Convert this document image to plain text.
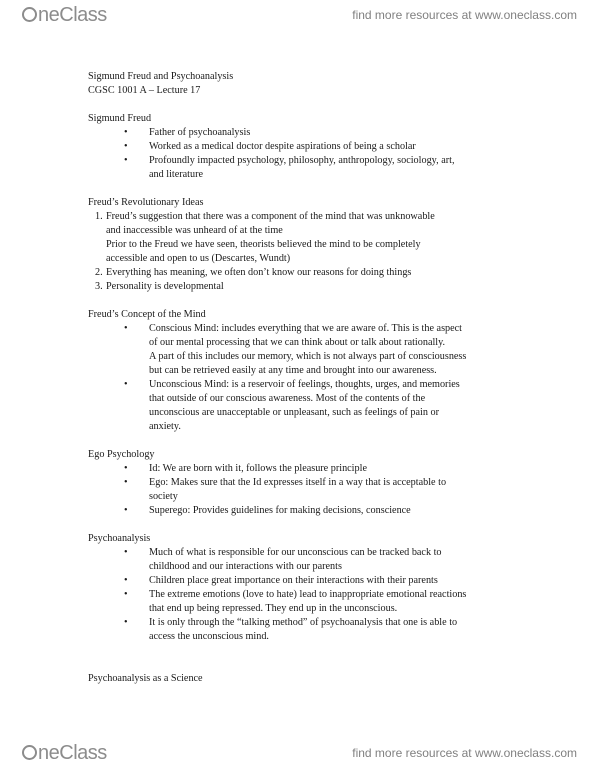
neClass	find more resources at www.oneclass.com
Sigmund Freud and Psychoanalysis
CGSC 1001 A – Lecture 17
Sigmund Freud
• Father of psychoanalysis
• Worked as a medical doctor despite aspirations of being a scholar
• Profoundly impacted psychology, philosophy, anthropology, sociology, art,
and literature
Freud’s Revolutionary Ideas
1. Freud’s suggestion that there was a component of the mind that was unknowable
and inaccessible was unheard of at the time
Prior to the Freud we have seen, theorists believed the mind to be completely
accessible and open to us (Descartes, Wundt)
2. Everything has meaning, we often don’t know our reasons for doing things
3. Personality is developmental
Freud’s Concept of the Mind
• Conscious Mind: includes everything that we are aware of. This is the aspect
of our mental processing that we can think about or talk about rationally.
A part of this includes our memory, which is not always part of consciousness
but can be retrieved easily at any time and brought into our awareness.
• Unconscious Mind: is a reservoir of feelings, thoughts, urges, and memories
that outside of our conscious awareness. Most of the contents of the
unconscious are unacceptable or unpleasant, such as feelings of pain or
anxiety.
Ego Psychology
• Id: We are born with it, follows the pleasure principle
• Ego: Makes sure that the Id expresses itself in a way that is acceptable to
society
• Superego: Provides guidelines for making decisions, conscience
Psychoanalysis
• Much of what is responsible for our unconscious can be tracked back to
childhood and our interactions with our parents
• Children place great importance on their interactions with their parents
• The extreme emotions (love to hate) lead to inappropriate emotional reactions
that end up being repressed. They end up in the unconscious.
• It is only through the “talking method” of psychoanalysis that one is able to
access the unconscious mind.
Psychoanalysis as a Science
neClass	find more resources at www.oneclass.com
